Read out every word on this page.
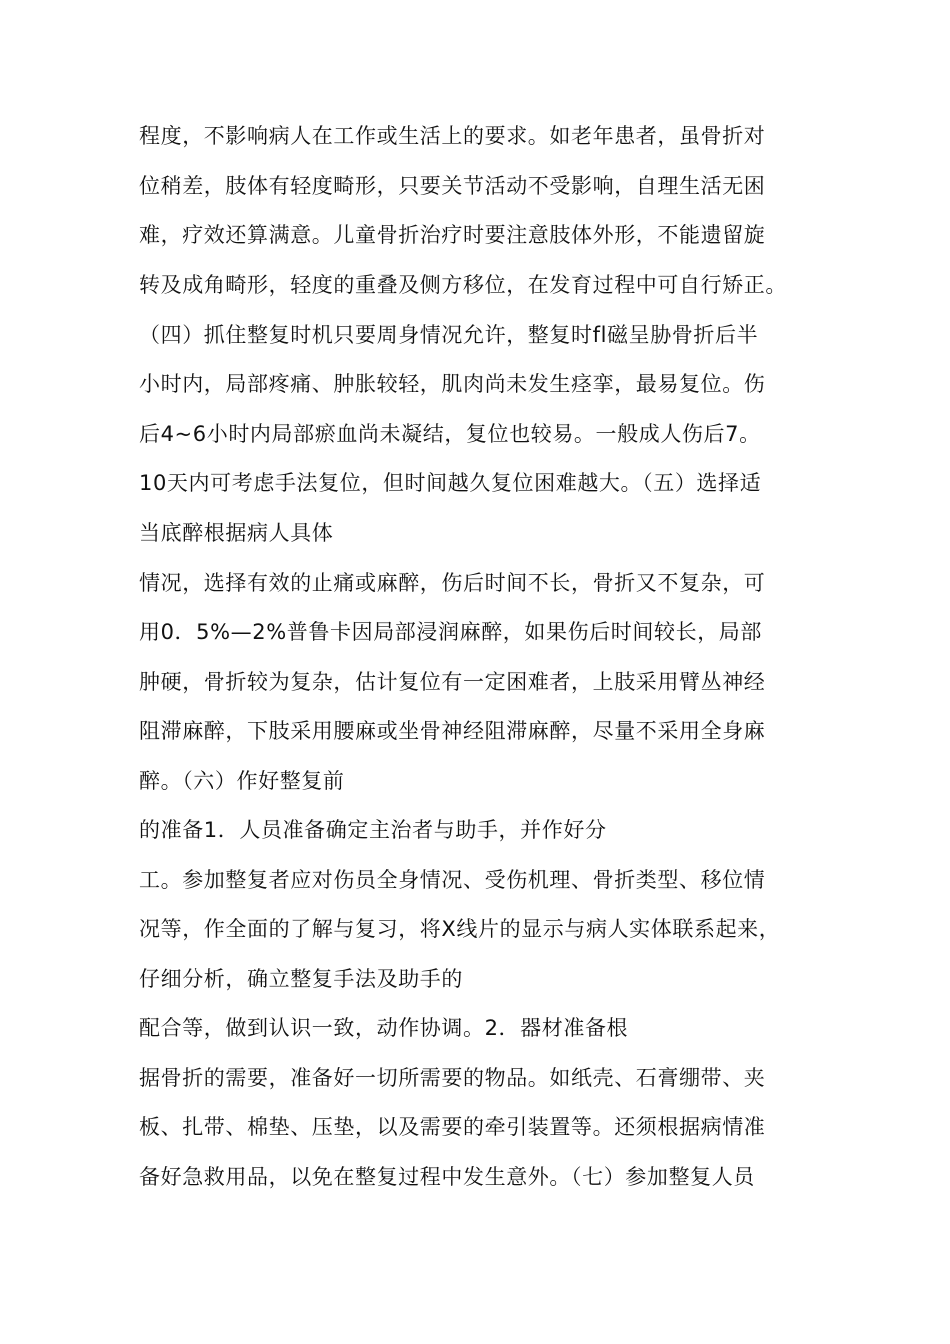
程度，不影响病人在工作或生活上的要求。如老年患者，虽骨折对
位稍差，肢体有轻度畸形，只要关节活动不受影响，自理生活无困
难，疗效还算满意。儿童骨折治疗时要注意肢体外形，不能遗留旋
转及成角畸形，轻度的重叠及侧方移位，在发育过程中可自行矫正。
（四）抓住整复时机只要周身情况允许，整复时fl磁呈胁骨折后半
小时内，局部疼痛、肿胀较轻，肌肉尚未发生痉挛，最易复位。伤
后4~6小时内局部瘀血尚未凝结，复位也较易。一般成人伤后7。
10天内可考虑手法复位，但时间越久复位困难越大。（五）选择适
当底醉根据病人具体
情况，选择有效的止痛或麻醉，伤后时间不长，骨折又不复杂，可
用0．5%—2%普鲁卡因局部浸润麻醉，如果伤后时间较长，局部
肿硬，骨折较为复杂，估计复位有一定困难者，上肢采用臂丛神经
阻滞麻醉，下肢采用腰麻或坐骨神经阻滞麻醉，尽量不采用全身麻
醉。（六）作好整复前
的准备1．人员准备确定主治者与助手，并作好分
工。参加整复者应对伤员全身情况、受伤机理、骨折类型、移位情
况等，作全面的了解与复习，将X线片的显示与病人实体联系起来，
仔细分析，确立整复手法及助手的
配合等，做到认识一致，动作协调。2．器材准备根
据骨折的需要，准备好一切所需要的物品。如纸壳、石膏绷带、夹
板、扎带、棉垫、压垫，以及需要的牵引装置等。还须根据病情准
备好急救用品，以免在整复过程中发生意外。（七）参加整复人员
